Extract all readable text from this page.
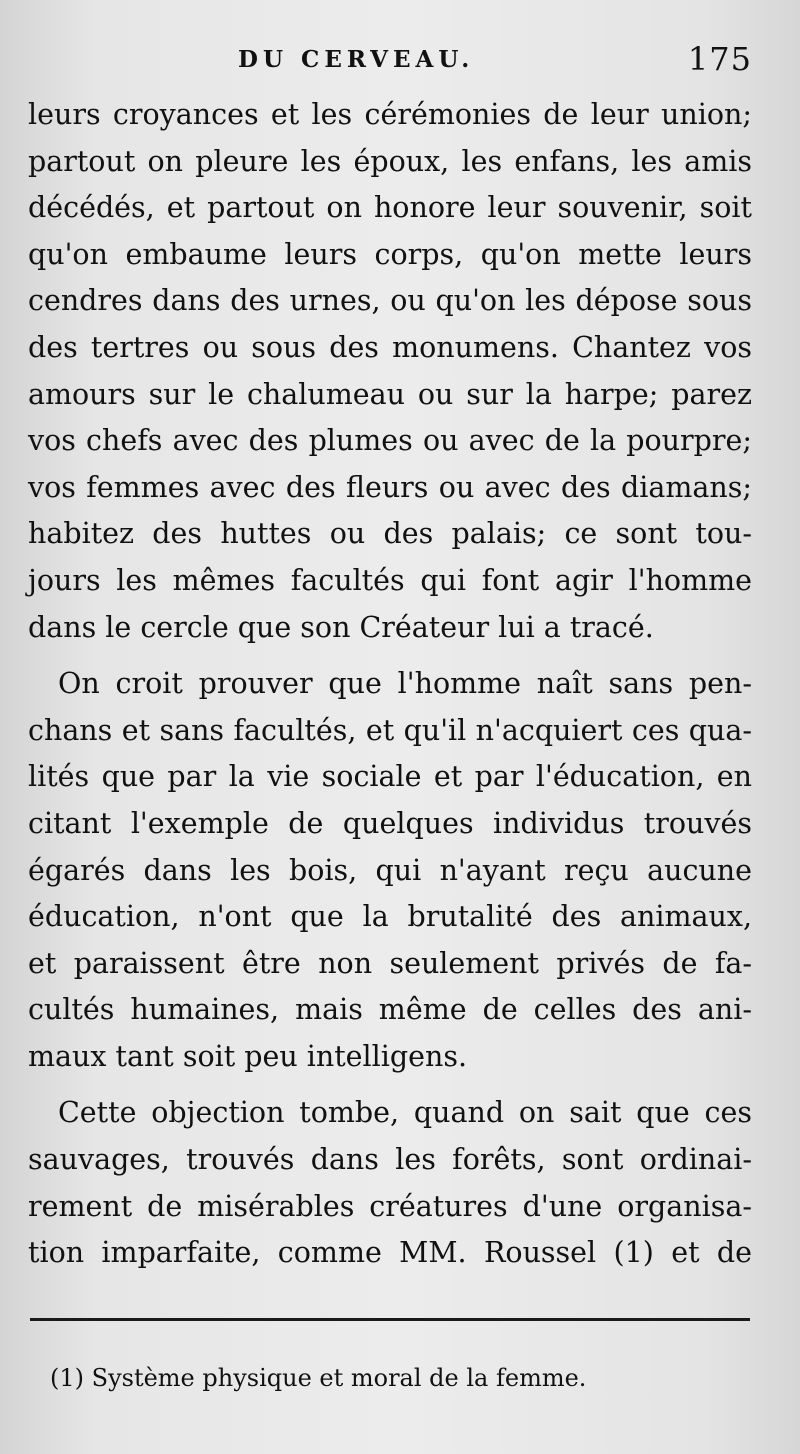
DU CERVEAU.	175
leurs croyances et les cérémonies de leur union;
partout on pleure les époux, les enfans, les amis
décédés, et partout on honore leur souvenir, soit
qu'on embaume leurs corps, qu'on mette leurs
cendres dans des urnes, ou qu'on les dépose sous
des tertres ou sous des monumens. Chantez vos
amours sur le chalumeau ou sur la harpe; parez
vos chefs avec des plumes ou avec de la pourpre;
vos femmes avec des fleurs ou avec des diamans;
habitez des huttes ou des palais; ce sont tou-
jours les mêmes facultés qui font agir l'homme
dans le cercle que son Créateur lui a tracé.
On croit prouver que l'homme naît sans pen-
chans et sans facultés, et qu'il n'acquiert ces qua-
lités que par la vie sociale et par l'éducation, en
citant l'exemple de quelques individus trouvés
égarés dans les bois, qui n'ayant reçu aucune
éducation, n'ont que la brutalité des animaux,
et paraissent être non seulement privés de fa-
cultés humaines, mais même de celles des ani-
maux tant soit peu intelligens.
Cette objection tombe, quand on sait que ces
sauvages, trouvés dans les forêts, sont ordinai-
rement de misérables créatures d'une organisa-
tion imparfaite, comme MM. Roussel (1) et de
(1) Système physique et moral de la femme.
